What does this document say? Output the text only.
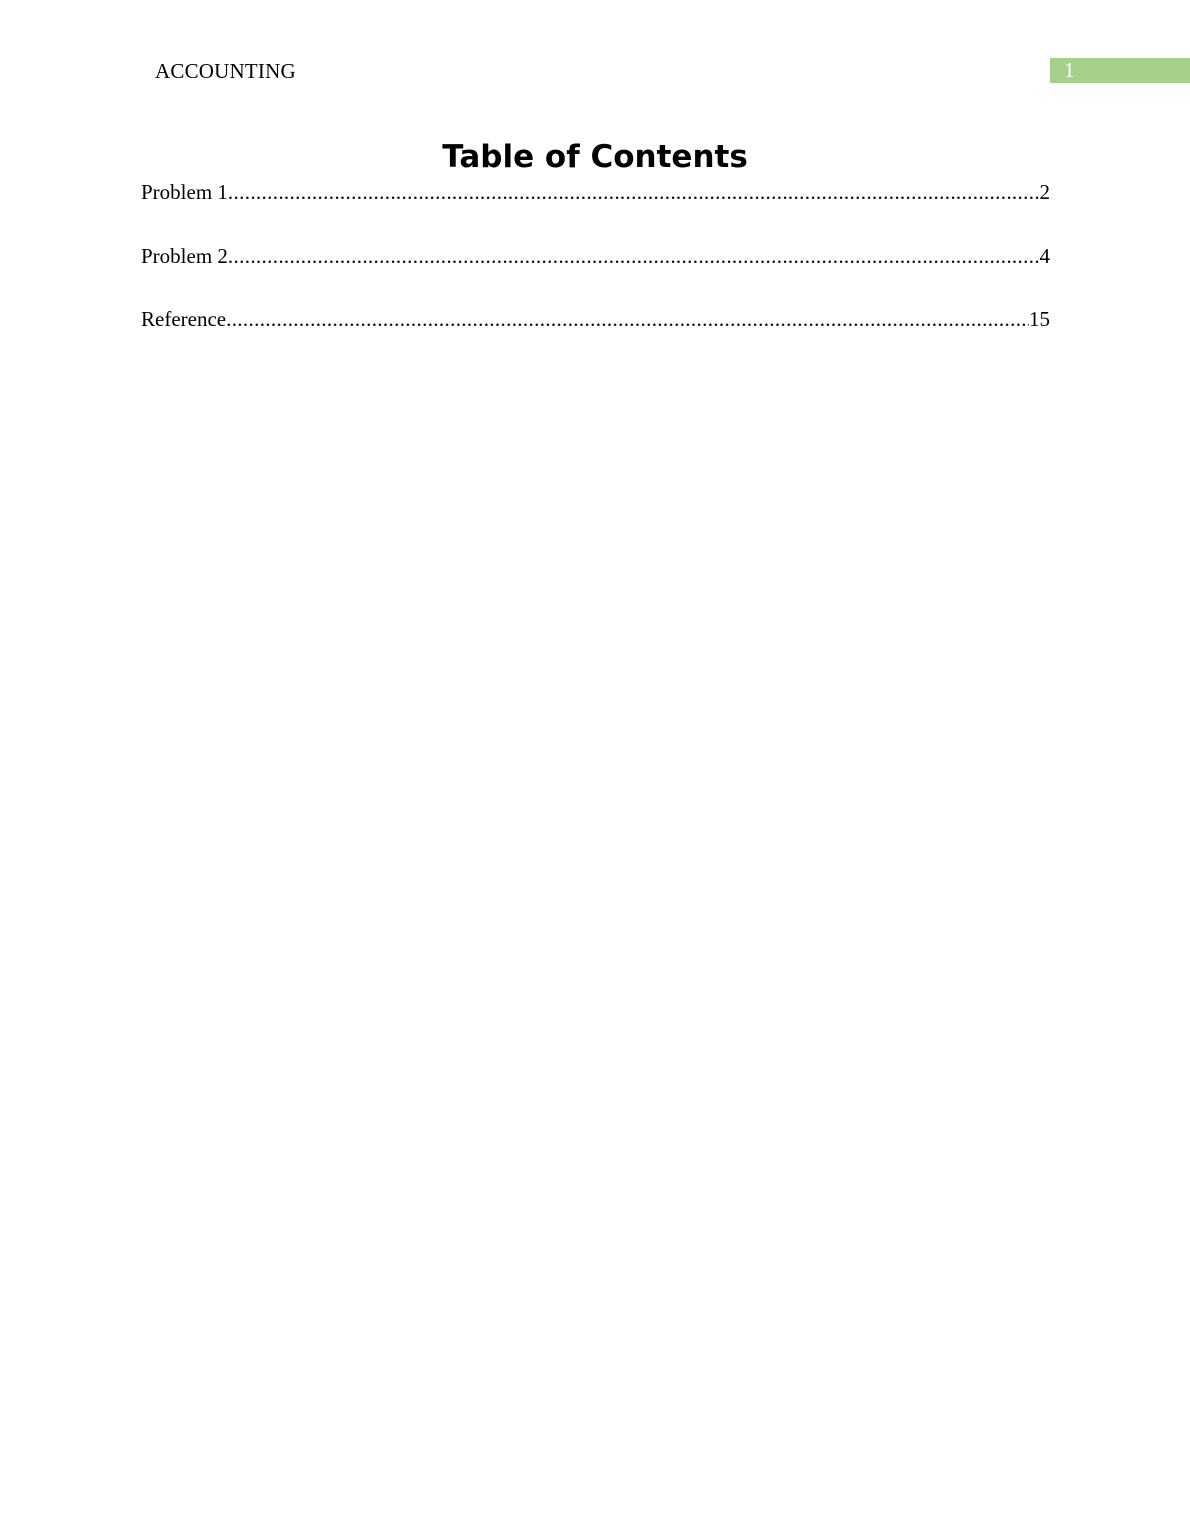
ACCOUNTING	1
Table of Contents
Problem 1 .....	2
Problem 2 .....	4
Reference .....	15
